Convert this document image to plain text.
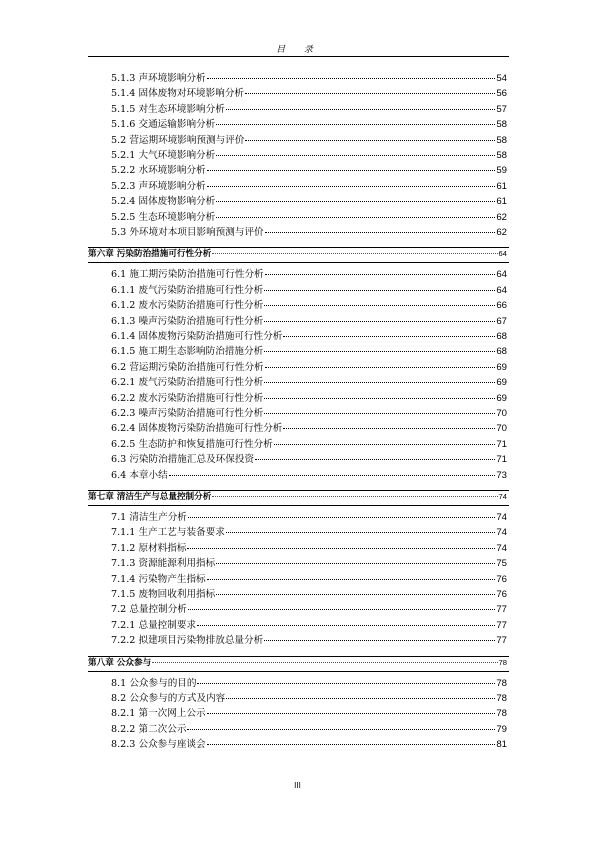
目 录
5.1.3 声环境影响分析	54
5.1.4 固体废物对环境影响分析	56
5.1.5 对生态环境影响分析	57
5.1.6 交通运输影响分析	58
5.2 营运期环境影响预测与评价	58
5.2.1 大气环境影响分析	58
5.2.2 水环境影响分析	59
5.2.3 声环境影响分析	61
5.2.4 固体废物影响分析	61
5.2.5 生态环境影响分析	62
5.3 外环境对本项目影响预测与评价	62
第六章 污染防治措施可行性分析	64
6.1 施工期污染防治措施可行性分析	64
6.1.1 废气污染防治措施可行性分析	64
6.1.2 废水污染防治措施可行性分析	66
6.1.3 噪声污染防治措施可行性分析	67
6.1.4 固体废物污染防治措施可行性分析	68
6.1.5 施工期生态影响防治措施分析	68
6.2 营运期污染防治措施可行性分析	69
6.2.1 废气污染防治措施可行性分析	69
6.2.2 废水污染防治措施可行性分析	69
6.2.3 噪声污染防治措施可行性分析	70
6.2.4 固体废物污染防治措施可行性分析	70
6.2.5 生态防护和恢复措施可行性分析	71
6.3 污染防治措施汇总及环保投资	71
6.4 本章小结	73
第七章 清洁生产与总量控制分析	74
7.1 清洁生产分析	74
7.1.1 生产工艺与装备要求	74
7.1.2 原材料指标	74
7.1.3 资源能源利用指标	75
7.1.4 污染物产生指标	76
7.1.5 废物回收利用指标	76
7.2 总量控制分析	77
7.2.1 总量控制要求	77
7.2.2 拟建项目污染物排放总量分析	77
第八章 公众参与	78
8.1 公众参与的目的	78
8.2 公众参与的方式及内容	78
8.2.1 第一次网上公示	78
8.2.2 第二次公示	79
8.2.3 公众参与座谈会	81
III
